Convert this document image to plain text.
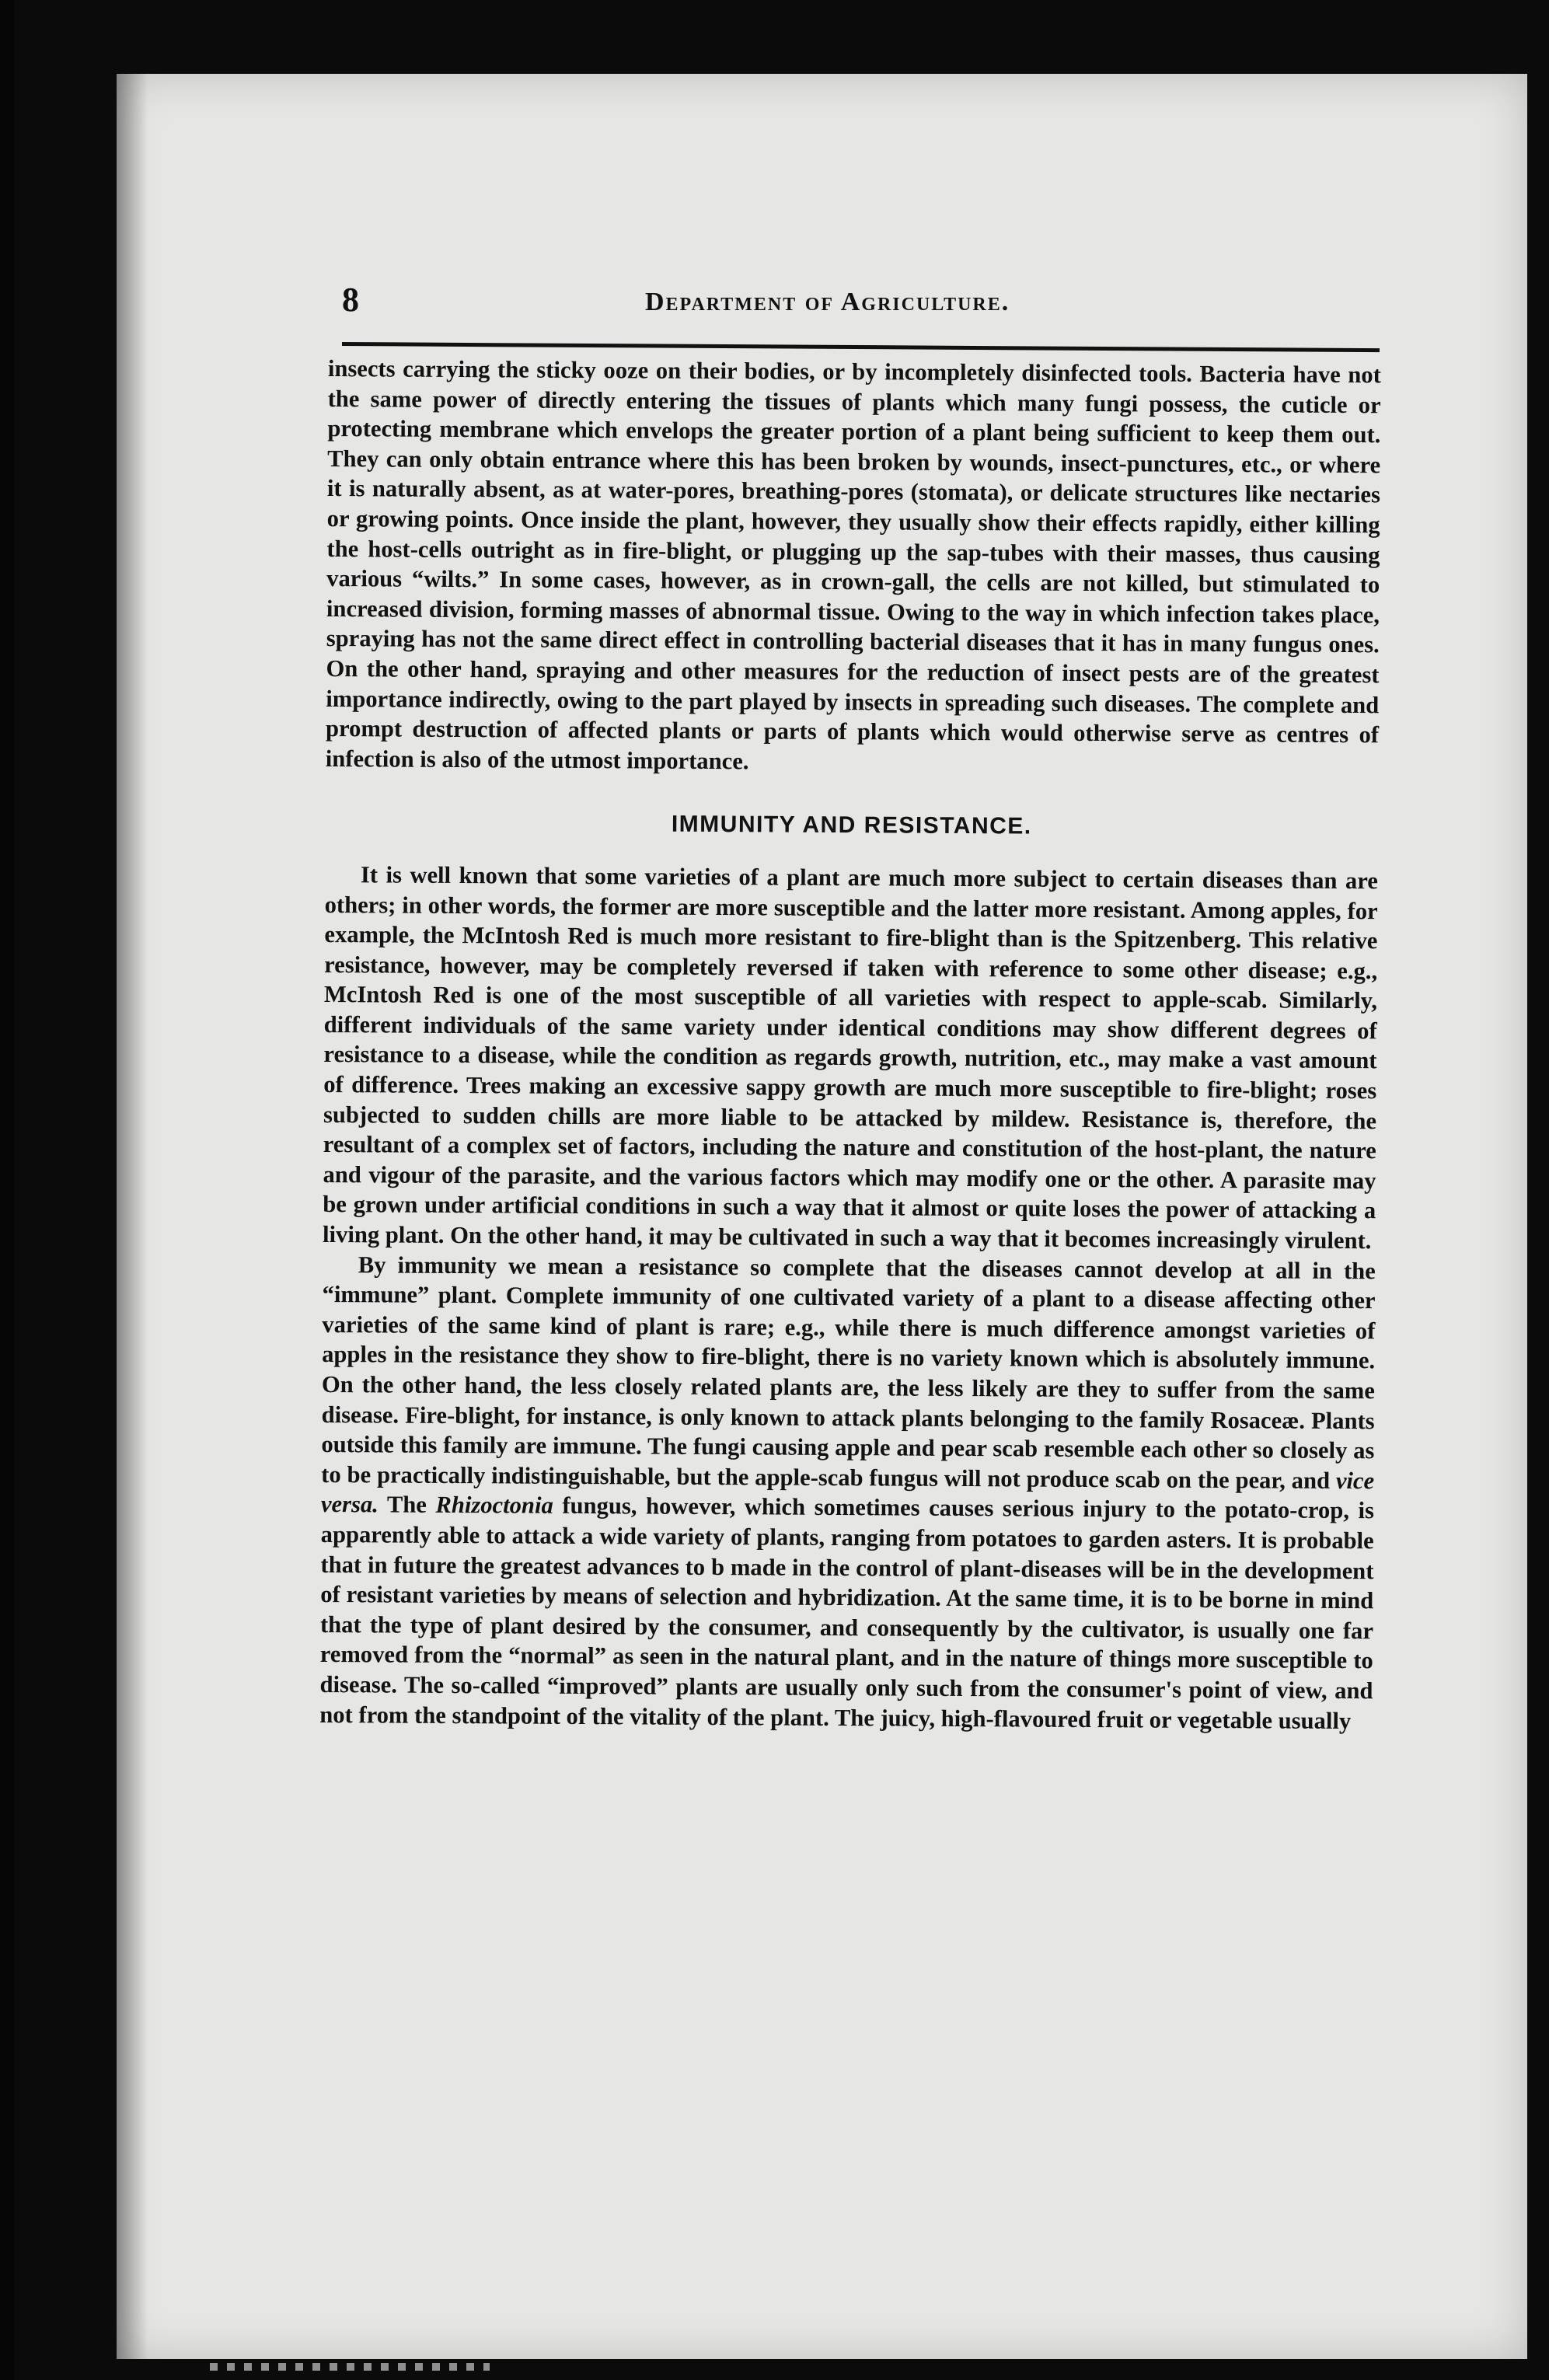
8	Department of Agriculture.

insects carrying the sticky ooze on their bodies, or by incompletely disinfected tools. Bacteria have not the same power of directly entering the tissues of plants which many fungi possess, the cuticle or protecting membrane which envelops the greater portion of a plant being sufficient to keep them out. They can only obtain entrance where this has been broken by wounds, insect-punctures, etc., or where it is naturally absent, as at water-pores, breathing-pores (stomata), or delicate structures like nectaries or growing points. Once inside the plant, however, they usually show their effects rapidly, either killing the host-cells outright as in fire-blight, or plugging up the sap-tubes with their masses, thus causing various “wilts.” In some cases, however, as in crown-gall, the cells are not killed, but stimulated to increased division, forming masses of abnormal tissue. Owing to the way in which infection takes place, spraying has not the same direct effect in controlling bacterial diseases that it has in many fungus ones. On the other hand, spraying and other measures for the reduction of insect pests are of the greatest importance indirectly, owing to the part played by insects in spreading such diseases. The complete and prompt destruction of affected plants or parts of plants which would otherwise serve as centres of infection is also of the utmost importance.

IMMUNITY AND RESISTANCE.

It is well known that some varieties of a plant are much more subject to certain diseases than are others; in other words, the former are more susceptible and the latter more resistant. Among apples, for example, the McIntosh Red is much more resistant to fire-blight than is the Spitzenberg. This relative resistance, however, may be completely reversed if taken with reference to some other disease; e.g., McIntosh Red is one of the most susceptible of all varieties with respect to apple-scab. Similarly, different individuals of the same variety under identical conditions may show different degrees of resistance to a disease, while the condition as regards growth, nutrition, etc., may make a vast amount of difference. Trees making an excessive sappy growth are much more susceptible to fire-blight; roses subjected to sudden chills are more liable to be attacked by mildew. Resistance is, therefore, the resultant of a complex set of factors, including the nature and constitution of the host-plant, the nature and vigour of the parasite, and the various factors which may modify one or the other. A parasite may be grown under artificial conditions in such a way that it almost or quite loses the power of attacking a living plant. On the other hand, it may be cultivated in such a way that it becomes increasingly virulent.

By immunity we mean a resistance so complete that the diseases cannot develop at all in the “immune” plant. Complete immunity of one cultivated variety of a plant to a disease affecting other varieties of the same kind of plant is rare; e.g., while there is much difference amongst varieties of apples in the resistance they show to fire-blight, there is no variety known which is absolutely immune. On the other hand, the less closely related plants are, the less likely are they to suffer from the same disease. Fire-blight, for instance, is only known to attack plants belonging to the family Rosaceæ. Plants outside this family are immune. The fungi causing apple and pear scab resemble each other so closely as to be practically indistinguishable, but the apple-scab fungus will not produce scab on the pear, and vice versa. The Rhizoctonia fungus, however, which sometimes causes serious injury to the potato-crop, is apparently able to attack a wide variety of plants, ranging from potatoes to garden asters. It is probable that in future the greatest advances to b made in the control of plant-diseases will be in the development of resistant varieties by means of selection and hybridization. At the same time, it is to be borne in mind that the type of plant desired by the consumer, and consequently by the cultivator, is usually one far removed from the “normal” as seen in the natural plant, and in the nature of things more susceptible to disease. The so-called “improved” plants are usually only such from the consumer's point of view, and not from the standpoint of the vitality of the plant. The juicy, high-flavoured fruit or vegetable usually
